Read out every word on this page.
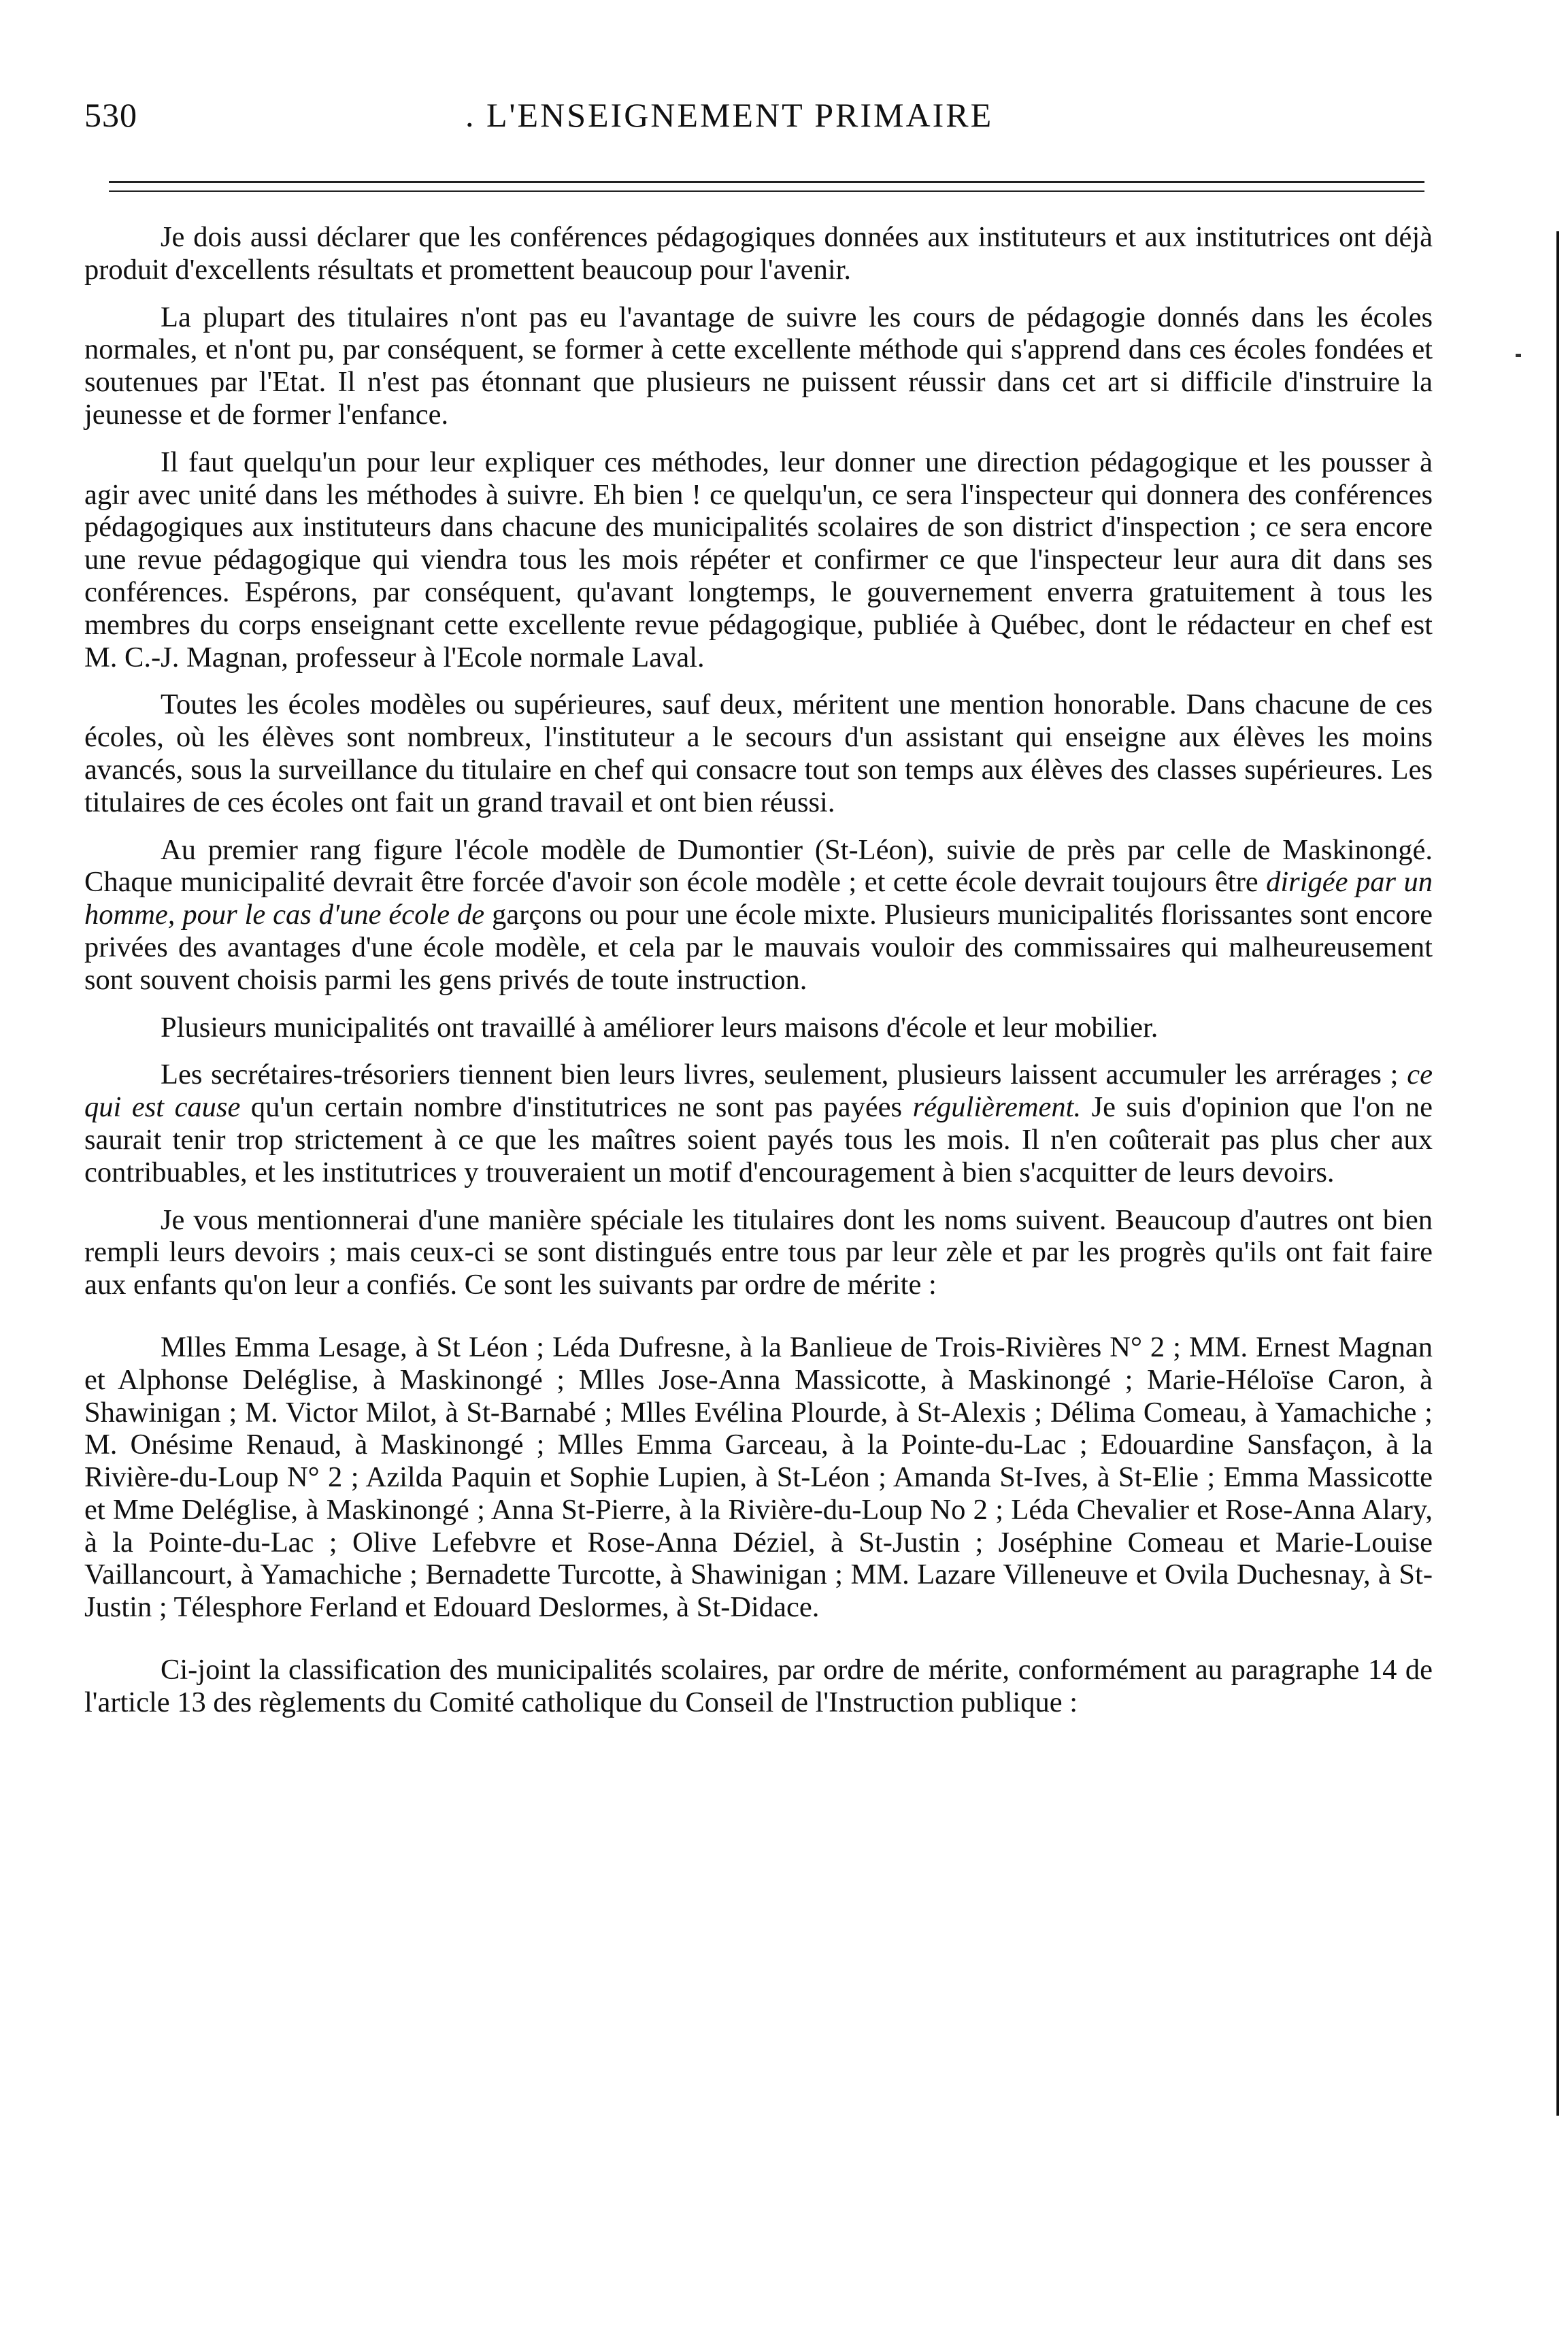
530	. L'ENSEIGNEMENT PRIMAIRE

Je dois aussi déclarer que les conférences pédagogiques données aux instituteurs et aux institutrices ont déjà produit d'excellents résultats et promettent beaucoup pour l'avenir.

La plupart des titulaires n'ont pas eu l'avantage de suivre les cours de pédagogie donnés dans les écoles normales, et n'ont pu, par conséquent, se former à cette excellente méthode qui s'apprend dans ces écoles fondées et soutenues par l'Etat. Il n'est pas étonnant que plusieurs ne puissent réussir dans cet art si difficile d'instruire la jeunesse et de former l'enfance.

Il faut quelqu'un pour leur expliquer ces méthodes, leur donner une direction pédagogique et les pousser à agir avec unité dans les méthodes à suivre. Eh bien ! ce quelqu'un, ce sera l'inspecteur qui donnera des conférences pédagogiques aux instituteurs dans chacune des municipalités scolaires de son district d'inspection ; ce sera encore une revue pédagogique qui viendra tous les mois répéter et confirmer ce que l'inspecteur leur aura dit dans ses conférences. Espérons, par conséquent, qu'avant longtemps, le gouvernement enverra gratuitement à tous les membres du corps enseignant cette excellente revue pédagogique, publiée à Québec, dont le rédacteur en chef est M. C.-J. Magnan, professeur à l'Ecole normale Laval.

Toutes les écoles modèles ou supérieures, sauf deux, méritent une mention honorable. Dans chacune de ces écoles, où les élèves sont nombreux, l'instituteur a le secours d'un assistant qui enseigne aux élèves les moins avancés, sous la surveillance du titulaire en chef qui consacre tout son temps aux élèves des classes supérieures. Les titulaires de ces écoles ont fait un grand travail et ont bien réussi.

Au premier rang figure l'école modèle de Dumontier (St-Léon), suivie de près par celle de Maskinongé. Chaque municipalité devrait être forcée d'avoir son école modèle ; et cette école devrait toujours être dirigée par un homme, pour le cas d'une école de garçons ou pour une école mixte. Plusieurs municipalités florissantes sont encore privées des avantages d'une école modèle, et cela par le mauvais vouloir des commissaires qui malheureusement sont souvent choisis parmi les gens privés de toute instruction.

Plusieurs municipalités ont travaillé à améliorer leurs maisons d'école et leur mobilier.

Les secrétaires-trésoriers tiennent bien leurs livres, seulement, plusieurs laissent accumuler les arrérages ; ce qui est cause qu'un certain nombre d'institutrices ne sont pas payées régulièrement. Je suis d'opinion que l'on ne saurait tenir trop strictement à ce que les maîtres soient payés tous les mois. Il n'en coûterait pas plus cher aux contribuables, et les institutrices y trouveraient un motif d'encouragement à bien s'acquitter de leurs devoirs.

Je vous mentionnerai d'une manière spéciale les titulaires dont les noms suivent. Beaucoup d'autres ont bien rempli leurs devoirs ; mais ceux-ci se sont distingués entre tous par leur zèle et par les progrès qu'ils ont fait faire aux enfants qu'on leur a confiés. Ce sont les suivants par ordre de mérite :

Mlles Emma Lesage, à St Léon ; Léda Dufresne, à la Banlieue de Trois-Rivières N° 2 ; MM. Ernest Magnan et Alphonse Deléglise, à Maskinongé ; Mlles Jose-Anna Massicotte, à Maskinongé ; Marie-Héloïse Caron, à Shawinigan ; M. Victor Milot, à St-Barnabé ; Mlles Evélina Plourde, à St-Alexis ; Délima Comeau, à Yamachiche ; M. Onésime Renaud, à Maskinongé ; Mlles Emma Garceau, à la Pointe-du-Lac ; Edouardine Sansfaçon, à la Rivière-du-Loup N° 2 ; Azilda Paquin et Sophie Lupien, à St-Léon ; Amanda St-Ives, à St-Elie ; Emma Massicotte et Mme Deléglise, à Maskinongé ; Anna St-Pierre, à la Rivière-du-Loup No 2 ; Léda Chevalier et Rose-Anna Alary, à la Pointe-du-Lac ; Olive Lefebvre et Rose-Anna Déziel, à St-Justin ; Joséphine Comeau et Marie-Louise Vaillancourt, à Yamachiche ; Bernadette Turcotte, à Shawinigan ; MM. Lazare Villeneuve et Ovila Duchesnay, à St-Justin ; Télesphore Ferland et Edouard Deslormes, à St-Didace.

Ci-joint la classification des municipalités scolaires, par ordre de mérite, conformément au paragraphe 14 de l'article 13 des règlements du Comité catholique du Conseil de l'Instruction publique :
